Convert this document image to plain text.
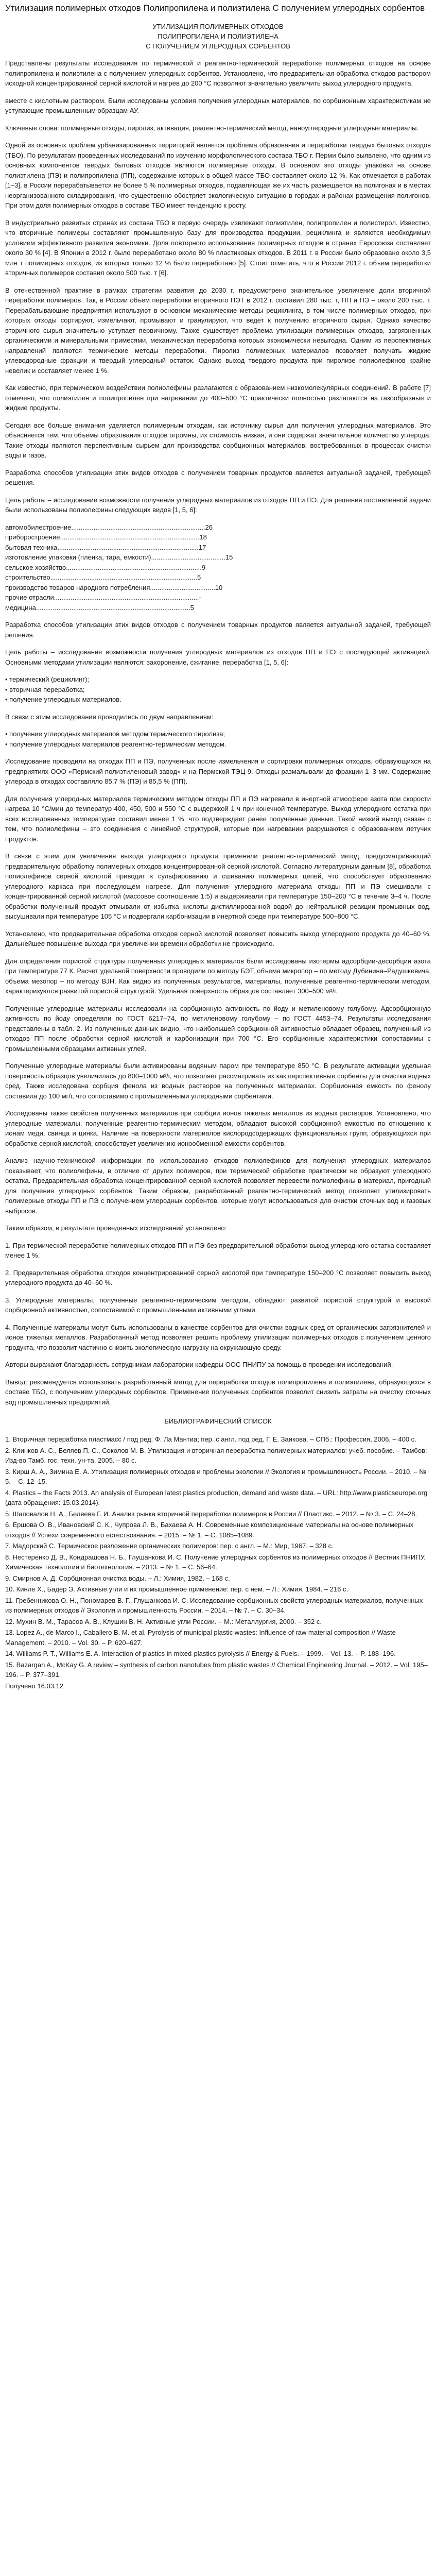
Утилизация полимерных отходов Полипропилена и полиэтилена С получением углеродных сорбентов
УТИЛИЗАЦИЯ ПОЛИМЕРНЫХ ОТХОДОВ
ПОЛИПРОПИЛЕНА И ПОЛИЭТИЛЕНА
С ПОЛУЧЕНИЕМ УГЛЕРОДНЫХ СОРБЕНТОВ

Представлены результаты исследования по термической и реагентно-термической переработке полимерных отходов на основе полипропилена и полиэтилена с получением углеродных сорбентов. Установлено, что предварительная обработка отходов раствором исходной концентрированной серной кислотой и нагрев до 200 °С позволяют значительно увеличить выход углеродного продукта.

вместе с кислотным раствором. Были исследованы условия получения углеродных материалов, по сорбционным характеристикам не уступающие промышленным образцам АУ.

Ключевые слова: полимерные отходы, пиролиз, активация, реагентно-термический метод, наноуглеродные углеродные материалы.

Одной из основных проблем урбанизированных территорий является проблема образования и переработки твердых бытовых отходов (ТБО). По результатам проведенных исследований по изучению морфологического состава ТБО г. Перми было выявлено, что одним из основных компонентов твердых бытовых отходов являются полимерные отходы. В основном это отходы упаковки на основе полиэтилена (ПЭ) и полипропилена (ПП), содержание которых в общей массе ТБО составляет около 12 %. Как отмечается в работах [1–3], в России перерабатывается не более 5 % полимерных отходов, подавляющая же их часть размещается на полигонах и в местах неорганизованного складирования, что существенно обостряет экологическую ситуацию в городах и районах размещения полигонов. При этом доля полимерных отходов в составе ТБО имеет тенденцию к росту.

В индустриально развитых странах из состава ТБО в первую очередь извлекают полиэтилен, полипропилен и полистирол. Известно, что вторичные полимеры составляют промышленную базу для производства продукции, рециклинга и являются необходимым условием эффективного развития экономики. Доля повторного использования полимерных отходов в странах Евросоюза составляет около 30 % [4]. В Японии в 2012 г. было переработано около 80 % пластиковых отходов. В 2011 г. в России было образовано около 3,5 млн т полимерных отходов, из которых только 12 % было переработано [5]. Стоит отметить, что в России 2012 г. объем переработки вторичных полимеров составил около 500 тыс. т [6].

В отечественной практике в рамках стратегии развития до 2030 г. предусмотрено значительное увеличение доли вторичной переработки полимеров. Так, в России объем переработки вторичного ПЭТ в 2012 г. составил 280 тыс. т, ПП и ПЭ – около 200 тыс. т. Перерабатывающие предприятия используют в основном механические методы рециклинга, в том числе полимерных отходов, при которых отходы сортируют, измельчают, промывают и гранулируют, что ведет к получению вторичного сырья. Однако качество вторичного сырья значительно уступает первичному. Также существует проблема утилизации полимерных отходов, загрязненных органическими и минеральными примесями, механическая переработка которых экономически невыгодна. Одним из перспективных направлений являются термические методы переработки. Пиролиз полимерных материалов позволяет получать жидкие углеводородные фракции и твердый углеродный остаток. Однако выход твердого продукта при пиролизе полиолефинов крайне невелик и составляет менее 1 %.

Как известно, при термическом воздействии полиолефины разлагаются с образованием низкомолекулярных соединений. В работе [7] отмечено, что полиэтилен и полипропилен при нагревании до 400–500 °С практически полностью разлагаются на газообразные и жидкие продукты.

Сегодня все больше внимания уделяется полимерным отходам, как источнику сырья для получения углеродных материалов. Это объясняется тем, что объемы образования отходов огромны, их стоимость низкая, и они содержат значительное количество углерода. Такие отходы являются перспективным сырьем для производства сорбционных материалов, востребованных в процессах очистки воды и газов.

Разработка способов утилизации этих видов отходов с получением товарных продуктов является актуальной задачей, требующей решения.

Цель работы – исследование возможности получения углеродных материалов из отходов ПП и ПЭ. Для решения поставленной задачи были использованы полиолефины следующих видов [1, 5, 6]:

автомобилестроение........................................................................26
приборостроение...........................................................................18
бытовая техника............................................................................17
изготовление упаковки (пленка, тара, емкости)........................................15
сельское хозяйство.........................................................................9
строительство...............................................................................5
производство товаров народного потребления...................................10
прочие отрасли..............................................................................-
медицина...................................................................................5

Разработка способов утилизации этих видов отходов с получением товарных продуктов является актуальной задачей, требующей решения.

Цель работы – исследование возможности получения углеродных материалов из отходов ПП и ПЭ с последующей активацией. Основными методами утилизации являются: захоронение, сжигание, переработка [1, 5, 6]:

• термический (рециклинг);

• вторичная переработка;

• получение углеродных материалов.

В связи с этим исследования проводились по двум направлениям:

• получение углеродных материалов методом термического пиролиза;

• получение углеродных материалов реагентно-термическим методом.

Исследование проводили на отходах ПП и ПЭ, полученных после измельчения и сортировки полимерных отходов, образующихся на предприятиях ООО «Пермский полиэтиленовый завод» и на Пермской ТЭЦ-9. Отходы размалывали до фракции 1–3 мм. Содержание углерода в отходах составляло 85,7 % (ПЭ) и 85,5 % (ПП).

Для получения углеродных материалов термическим методом отходы ПП и ПЭ нагревали в инертной атмосфере азота при скорости нагрева 10 °С/мин до температур 400, 450, 500 и 550 °С с выдержкой 1 ч при конечной температуре. Выход углеродного остатка при всех исследованных температурах составил менее 1 %, что подтверждает ранее полученные данные. Такой низкий выход связан с тем, что полиолефины – это соединения с линейной структурой, которые при нагревании разрушаются с образованием летучих продуктов.

В связи с этим для увеличения выхода углеродного продукта применяли реагентно-термический метод, предусматривающий предварительную обработку полимерных отходов концентрированной серной кислотой. Согласно литературным данным [8], обработка полиолефинов серной кислотой приводит к сульфированию и сшиванию полимерных цепей, что способствует образованию углеродного каркаса при последующем нагреве. Для получения углеродного материала отходы ПП и ПЭ смешивали с концентрированной серной кислотой (массовое соотношение 1:5) и выдерживали при температуре 150–200 °С в течение 3–4 ч. После обработки полученный продукт отмывали от избытка кислоты дистиллированной водой до нейтральной реакции промывных вод, высушивали при температуре 105 °С и подвергали карбонизации в инертной среде при температуре 500–800 °С.

Установлено, что предварительная обработка отходов серной кислотой позволяет повысить выход углеродного продукта до 40–60 %. Дальнейшее повышение выхода при увеличении времени обработки не происходило.

Для определения пористой структуры полученных углеродных материалов были исследованы изотермы адсорбции-десорбции азота при температуре 77 К. Расчет удельной поверхности проводили по методу БЭТ, объема микропор – по методу Дубинина–Радушкевича, объема мезопор – по методу BJH. Как видно из полученных результатов, материалы, полученные реагентно-термическим методом, характеризуются развитой пористой структурой. Удельная поверхность образцов составляет 300–500 м²/г.

Полученные углеродные материалы исследовали на сорбционную активность по йоду и метиленовому голубому. Адсорбционную активность по йоду определяли по ГОСТ 6217–74, по метиленовому голубому – по ГОСТ 4453–74. Результаты исследования представлены в табл. 2. Из полученных данных видно, что наибольшей сорбционной активностью обладает образец, полученный из отходов ПП после обработки серной кислотой и карбонизации при 700 °С. Его сорбционные характеристики сопоставимы с промышленными образцами активных углей.

Полученные углеродные материалы были активированы водяным паром при температуре 850 °С. В результате активации удельная поверхность образцов увеличилась до 800–1000 м²/г, что позволяет рассматривать их как перспективные сорбенты для очистки водных сред. Также исследована сорбция фенола из водных растворов на полученных материалах. Сорбционная емкость по фенолу составила до 100 мг/г, что сопоставимо с промышленными углеродными сорбентами.

Исследованы также свойства полученных материалов при сорбции ионов тяжелых металлов из водных растворов. Установлено, что углеродные материалы, полученные реагентно-термическим методом, обладают высокой сорбционной емкостью по отношению к ионам меди, свинца и цинка. Наличие на поверхности материалов кислородсодержащих функциональных групп, образующихся при обработке серной кислотой, способствует увеличению ионообменной емкости сорбентов.

Анализ научно-технической информации по использованию отходов полиолефинов для получения углеродных материалов показывает, что полиолефины, в отличие от других полимеров, при термической обработке практически не образуют углеродного остатка. Предварительная обработка концентрированной серной кислотой позволяет перевести полиолефины в материал, пригодный для получения углеродных сорбентов. Таким образом, разработанный реагентно-термический метод позволяет утилизировать полимерные отходы ПП и ПЭ с получением углеродных сорбентов, которые могут использоваться для очистки сточных вод и газовых выбросов.

Таким образом, в результате проведенных исследований установлено:

1. При термической переработке полимерных отходов ПП и ПЭ без предварительной обработки выход углеродного остатка составляет менее 1 %.

2. Предварительная обработка отходов концентрированной серной кислотой при температуре 150–200 °С позволяет повысить выход углеродного продукта до 40–60 %.

3. Углеродные материалы, полученные реагентно-термическим методом, обладают развитой пористой структурой и высокой сорбционной активностью, сопоставимой с промышленными активными углями.

4. Полученные материалы могут быть использованы в качестве сорбентов для очистки водных сред от органических загрязнителей и ионов тяжелых металлов. Разработанный метод позволяет решить проблему утилизации полимерных отходов с получением ценного продукта, что позволит частично снизить экологическую нагрузку на окружающую среду.

Авторы выражают благодарность сотрудникам лаборатории кафедры ООС ПНИПУ за помощь в проведении исследований.

Вывод: рекомендуется использовать разработанный метод для переработки отходов полипропилена и полиэтилена, образующихся в составе ТБО, с получением углеродных сорбентов. Применение полученных сорбентов позволит снизить затраты на очистку сточных вод промышленных предприятий.

БИБЛИОГРАФИЧЕСКИЙ СПИСОК

1. Вторичная переработка пластмасс / под ред. Ф. Ла Мантиа; пер. с англ. под ред. Г. Е. Заикова. – СПб.: Профессия, 2006. – 400 с.

2. Клинков А. С., Беляев П. С., Соколов М. В. Утилизация и вторичная переработка полимерных материалов: учеб. пособие. – Тамбов: Изд-во Тамб. гос. техн. ун-та, 2005. – 80 с.

3. Кирш А. А., Зимина Е. А. Утилизация полимерных отходов и проблемы экологии // Экология и промышленность России. – 2010. – № 5. – С. 12–15.

4. Plastics – the Facts 2013. An analysis of European latest plastics production, demand and waste data. – URL: http://www.plasticseurope.org (дата обращения: 15.03.2014).

5. Шаповалов Н. А., Беляева Г. И. Анализ рынка вторичной переработки полимеров в России // Пластикс. – 2012. – № 3. – С. 24–28.

6. Ершова О. В., Ивановский С. К., Чупрова Л. В., Бахаева А. Н. Современные композиционные материалы на основе полимерных отходов // Успехи современного естествознания. – 2015. – № 1. – С. 1085–1089.

7. Мадорский С. Термическое разложение органических полимеров: пер. с англ. – М.: Мир, 1967. – 328 с.

8. Нестеренко Д. В., Кондрашова Н. Б., Глушанкова И. С. Получение углеродных сорбентов из полимерных отходов // Вестник ПНИПУ. Химическая технология и биотехнология. – 2013. – № 1. – С. 56–64.

9. Смирнов А. Д. Сорбционная очистка воды. – Л.: Химия, 1982. – 168 с.

10. Кинле Х., Бадер Э. Активные угли и их промышленное применение: пер. с нем. – Л.: Химия, 1984. – 216 с.

11. Гребенникова О. Н., Пономарев В. Г., Глушанкова И. С. Исследование сорбционных свойств углеродных материалов, полученных из полимерных отходов // Экология и промышленность России. – 2014. – № 7. – С. 30–34.

12. Мухин В. М., Тарасов А. В., Клушин В. Н. Активные угли России. – М.: Металлургия, 2000. – 352 с.

13. Lopez A., de Marco I., Caballero B. M. et al. Pyrolysis of municipal plastic wastes: Influence of raw material composition // Waste Management. – 2010. – Vol. 30. – P. 620–627.

14. Williams P. T., Williams E. A. Interaction of plastics in mixed-plastics pyrolysis // Energy & Fuels. – 1999. – Vol. 13. – P. 188–196.

15. Bazargan A., McKay G. A review – synthesis of carbon nanotubes from plastic wastes // Chemical Engineering Journal. – 2012. – Vol. 195–196. – P. 377–391.

Получено 16.03.12
